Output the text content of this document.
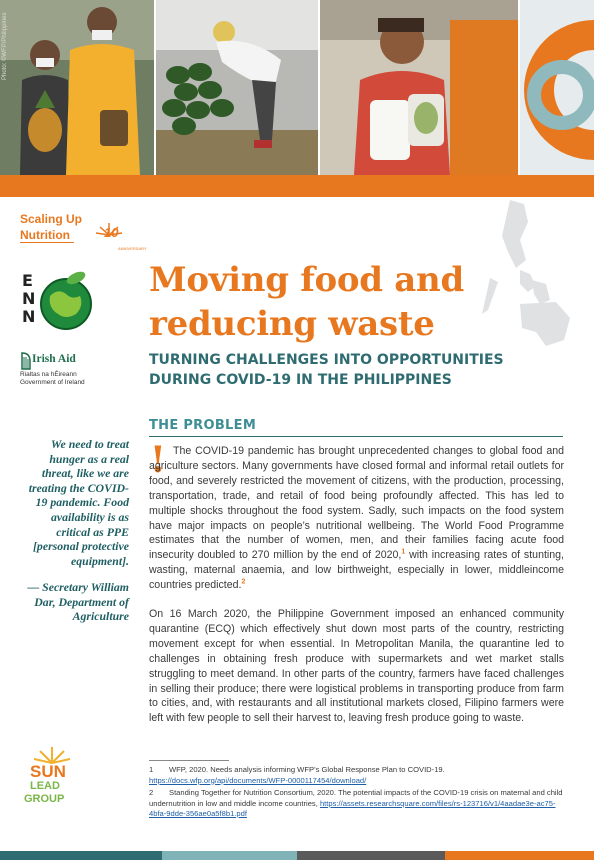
Photo: ©WFP/Philippines
Scaling Up
Nutrition	10
ANNIVERSARY
E
N
N
Irish Aid
Rialtas na hÉireann
Government of Ireland
Moving food and
reducing waste
TURNING CHALLENGES INTO OPPORTUNITIES
DURING COVID-19 IN THE PHILIPPINES
THE PROBLEM
! The COVID-19 pandemic has brought unprecedented changes to global food and agriculture sectors. Many governments have closed formal and informal retail outlets for food, and severely restricted the movement of citizens, with the production, processing, transportation, trade, and retail of food being profoundly affected. This has led to multiple shocks throughout the food system. Sadly, such impacts on the food system have major impacts on people’s nutritional wellbeing. The World Food Programme estimates that the number of women, men, and their families facing acute food insecurity doubled to 270 million by the end of 2020,$^1$ with increasing rates of stunting, wasting, maternal anaemia, and low birthweight, especially in lower, middleincome countries predicted.$^2$
On 16 March 2020, the Philippine Government imposed an enhanced community quarantine (ECQ) which effectively shut down most parts of the country, restricting movement except for when essential. In Metropolitan Manila, the quarantine led to challenges in obtaining fresh produce with supermarkets and wet market stalls struggling to meet demand. In other parts of the country, farmers have faced challenges in selling their produce; there were logistical problems in transporting produce from farm to cities, and, with restaurants and all institutional markets closed, Filipino farmers were left with few people to sell their harvest to, leaving fresh produce going to waste.
We need to treat hunger as a real threat, like we are treating the COVID-19 pandemic. Food availability is as critical as PPE [personal protective equipment].
— Secretary William Dar, Department of Agriculture
1 WFP, 2020. Needs analysis informing WFP’s Global Response Plan to COVID-19. https://docs.wfp.org/api/documents/WFP-0000117454/download/
2 Standing Together for Nutrition Consortium, 2020. The potential impacts of the COVID-19 crisis on maternal and child undernutrition in low and middle income countries, https://assets.researchsquare.com/files/rs-123716/v1/4aadae3e-ac75-4bfa-9dde-356ae0a5f8b1.pdf
SUN
LEAD
GROUP
